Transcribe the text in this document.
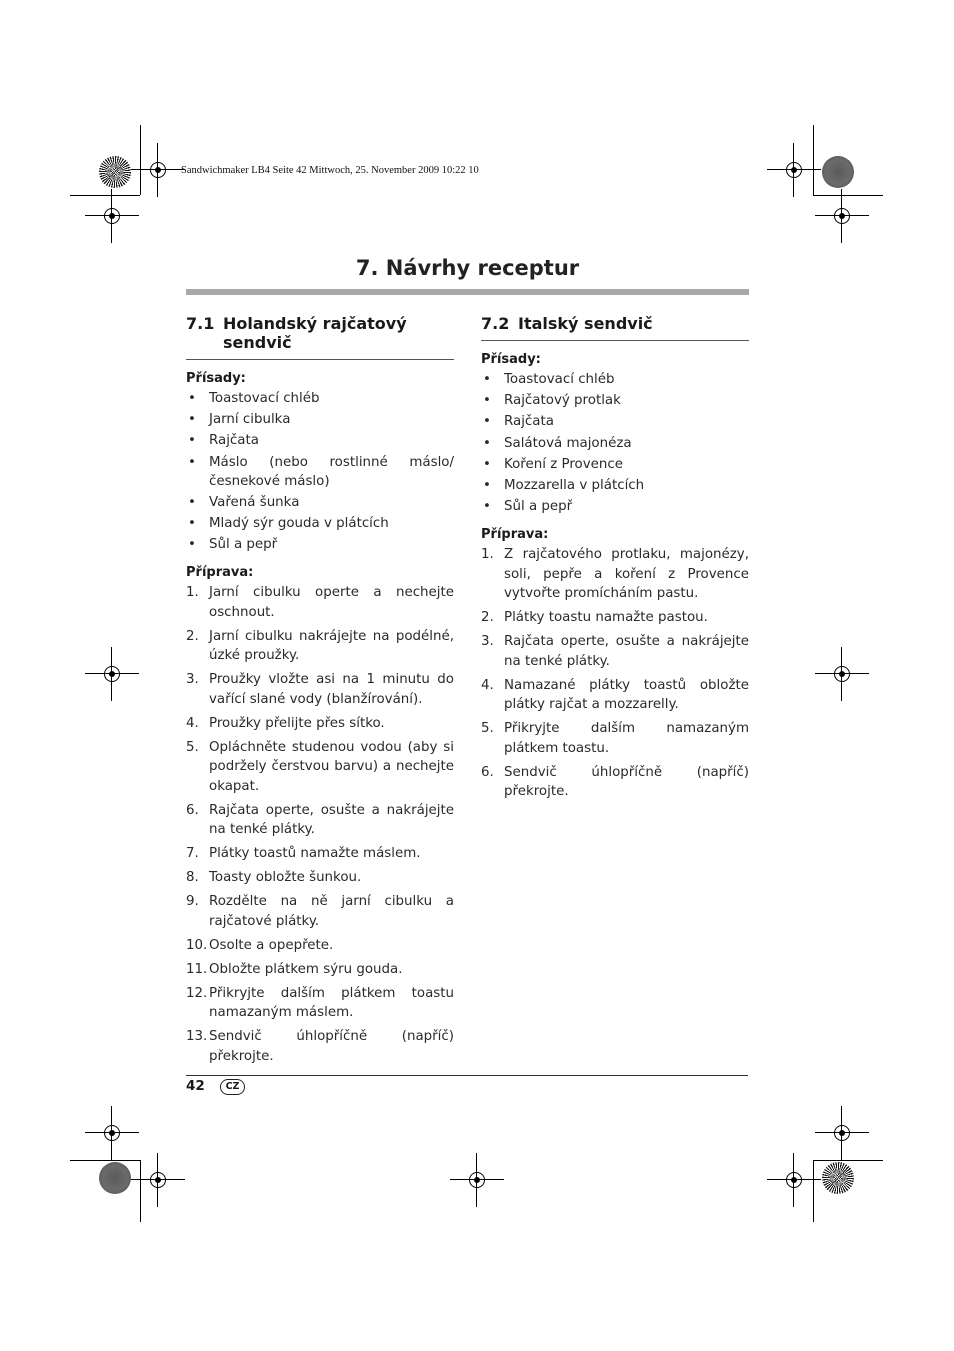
Sandwichmaker LB4 Seite 42 Mittwoch, 25. November 2009 10:22 10
7. Návrhy receptur
7.1 Holandský rajčatový sendvič
Přísady:
• Toastovací chléb
• Jarní cibulka
• Rajčata
• Máslo (nebo rostlinné máslo/ česnekové máslo)
• Vařená šunka
• Mladý sýr gouda v plátcích
• Sůl a pepř
Příprava:
1. Jarní cibulku operte a nechejte oschnout.
2. Jarní cibulku nakrájejte na podélné, úzké proužky.
3. Proužky vložte asi na 1 minutu do vařící slané vody (blanžírování).
4. Proužky přelijte přes sítko.
5. Opláchněte studenou vodou (aby si podržely čerstvou barvu) a nechejte okapat.
6. Rajčata operte, osušte a nakrájejte na tenké plátky.
7. Plátky toastů namažte máslem.
8. Toasty obložte šunkou.
9. Rozdělte na ně jarní cibulku a rajčatové plátky.
10. Osolte a opepřete.
11. Obložte plátkem sýru gouda.
12. Přikryjte dalším plátkem toastu namazaným máslem.
13. Sendvič úhlopříčně (napříč) překrojte.
7.2 Italský sendvič
Přísady:
• Toastovací chléb
• Rajčatový protlak
• Rajčata
• Salátová majonéza
• Koření z Provence
• Mozzarella v plátcích
• Sůl a pepř
Příprava:
1. Z rajčatového protlaku, majonézy, soli, pepře a koření z Provence vytvořte promícháním pastu.
2. Plátky toastu namažte pastou.
3. Rajčata operte, osušte a nakrájejte na tenké plátky.
4. Namazané plátky toastů obložte plátky rajčat a mozzarelly.
5. Přikryjte dalším namazaným plátkem toastu.
6. Sendvič úhlopříčně (napříč) překrojte.
42	CZ
